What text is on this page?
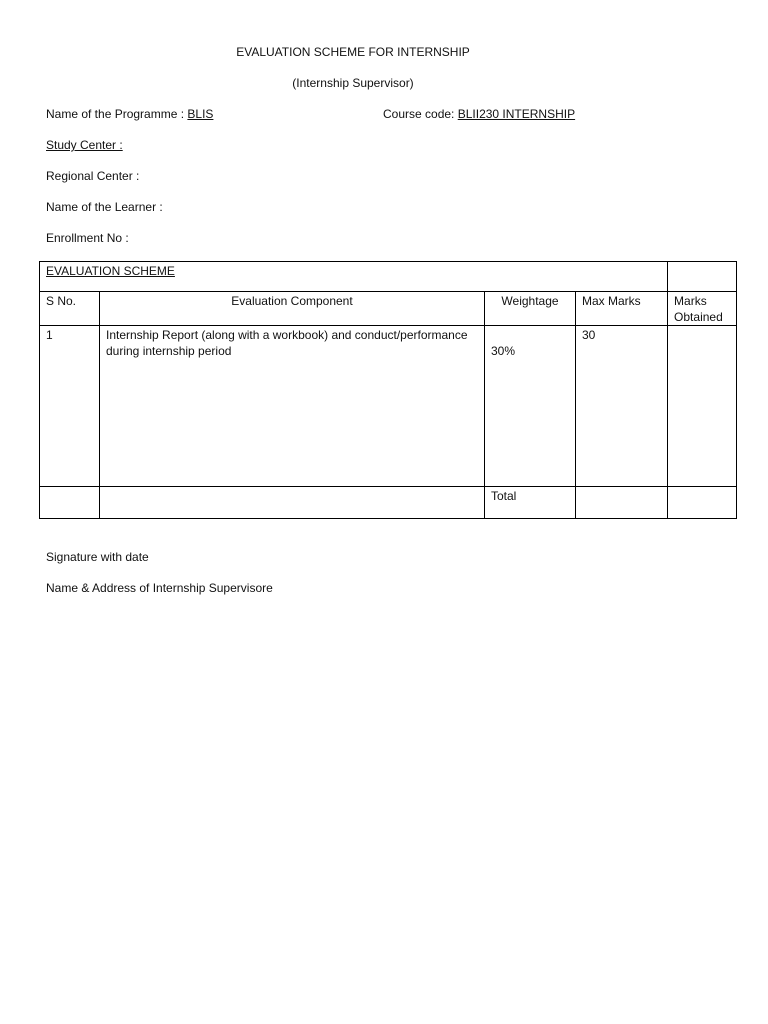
EVALUATION SCHEME FOR INTERNSHIP
(Internship Supervisor)
Name of the Programme : BLIS	Course code: BLII230 INTERNSHIP
Study Center :
Regional Center :
Name of the Learner :
Enrollment No :
EVALUATION SCHEME				
S No.	Evaluation Component	Weightage	Max Marks	Marks Obtained
1	Internship Report (along with a workbook) and conduct/performance during internship period	30%	30	
		Total		
Signature with date
Name & Address of Internship Supervisore
